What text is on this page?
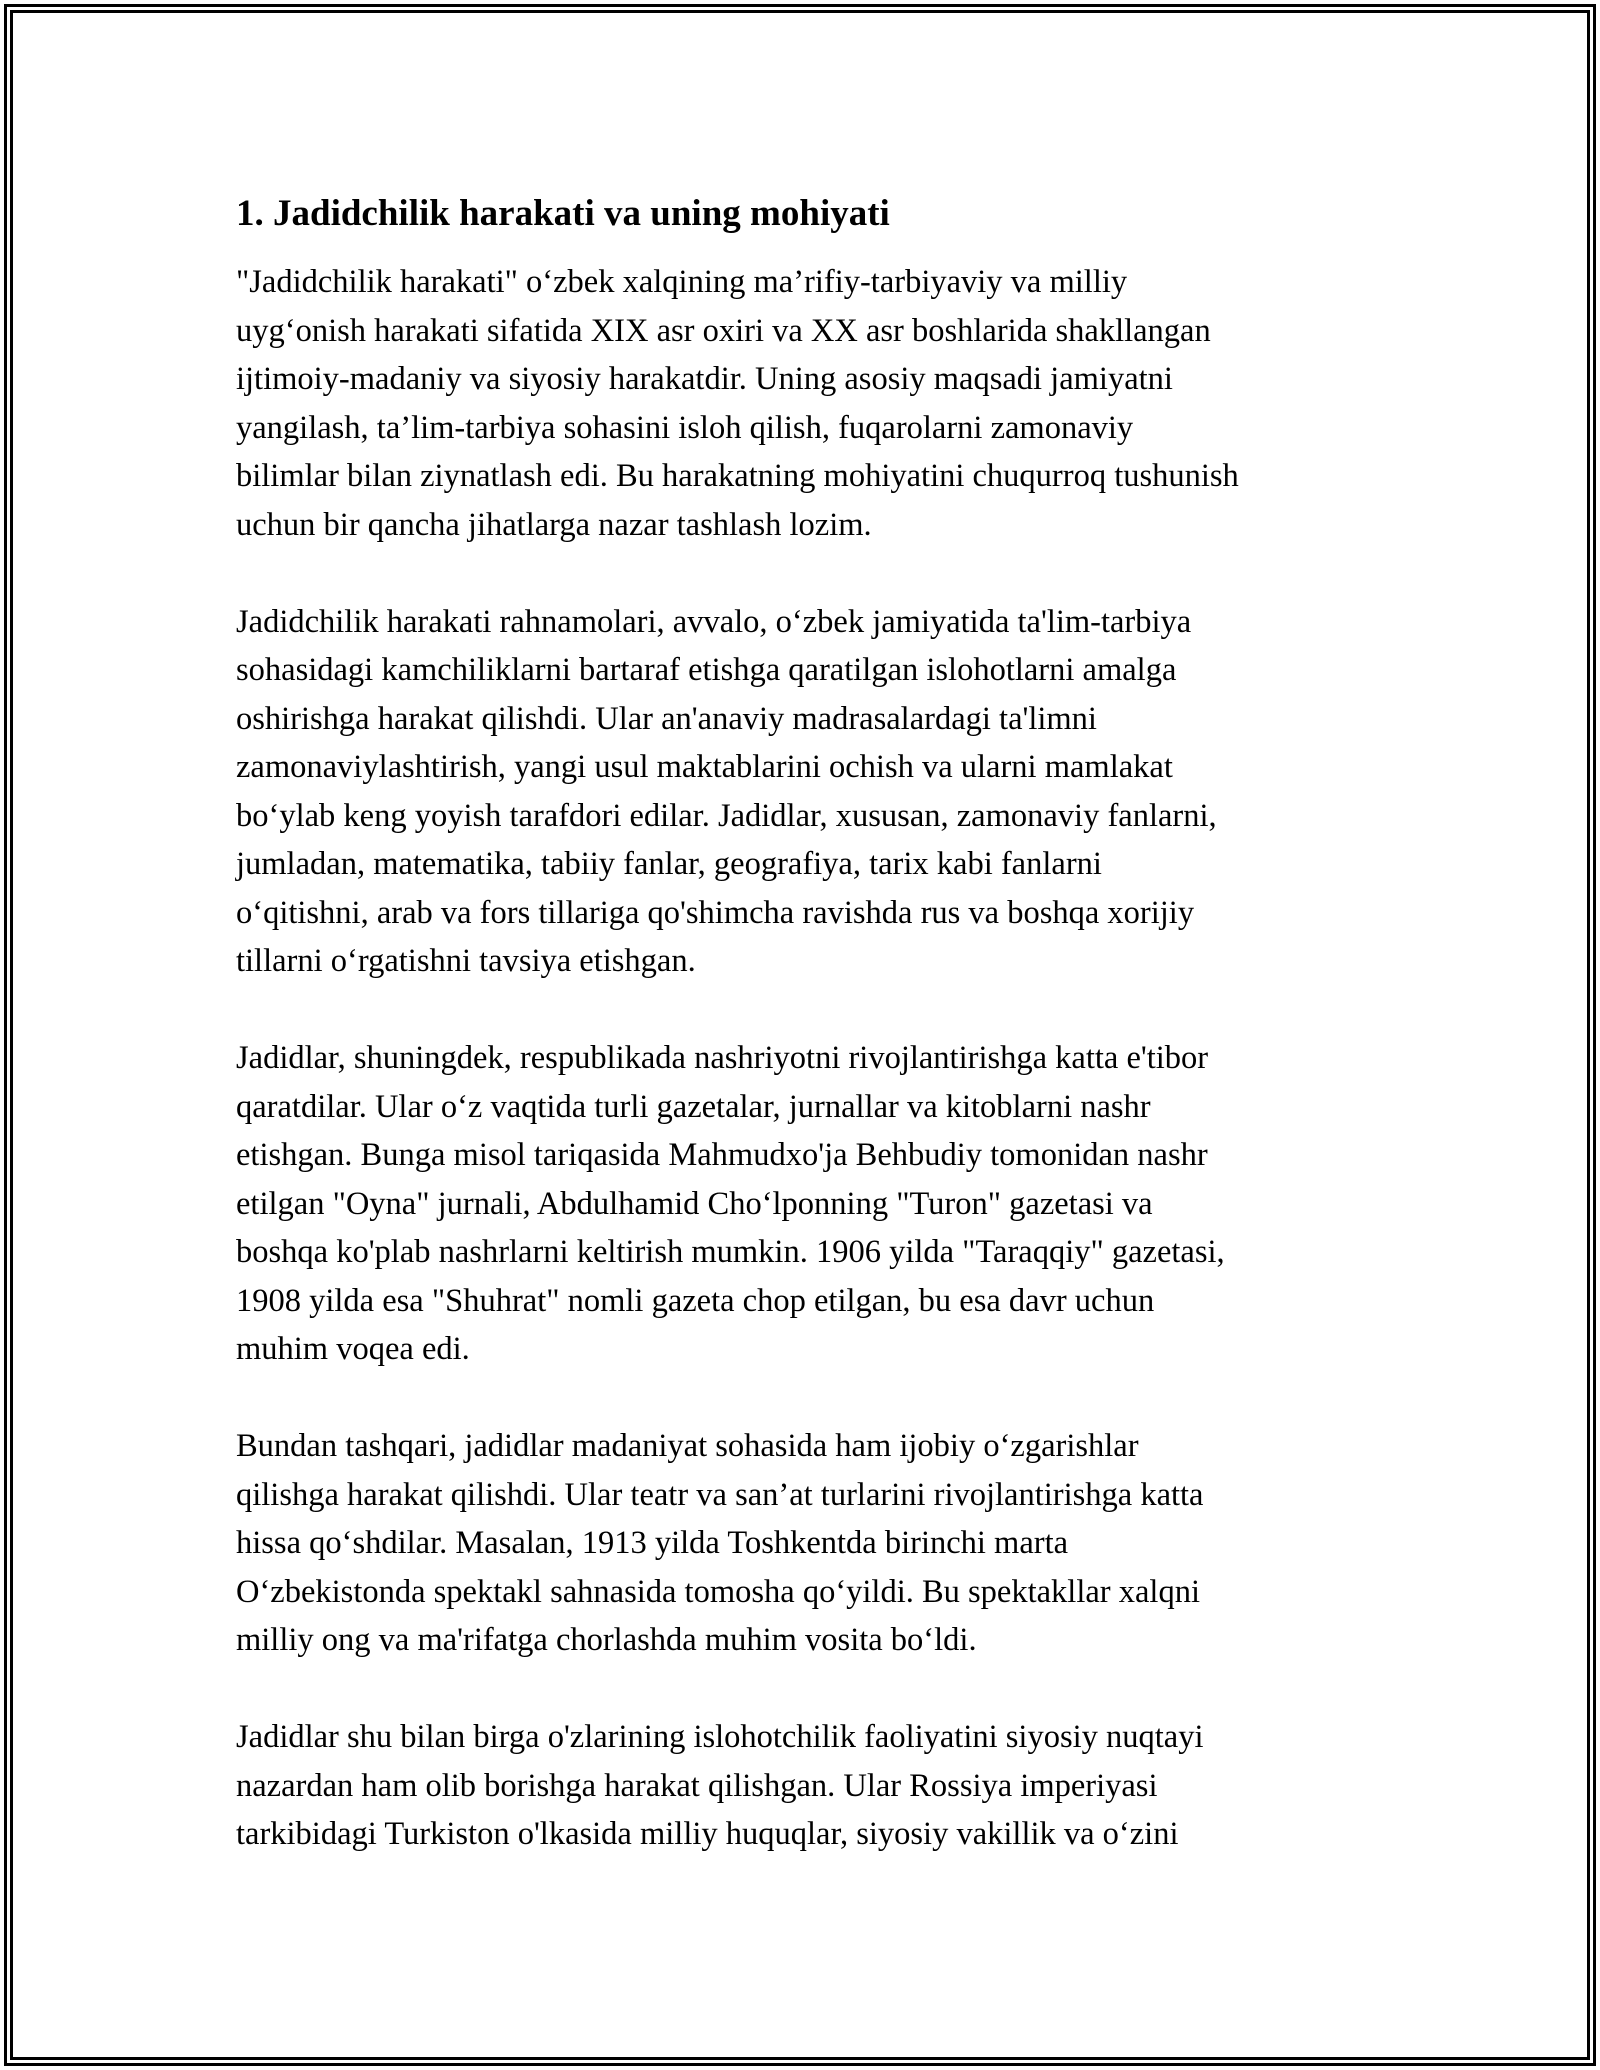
1. Jadidchilik harakati va uning mohiyati

"Jadidchilik harakati" o‘zbek xalqining ma’rifiy-tarbiyaviy va milliy
uyg‘onish harakati sifatida XIX asr oxiri va XX asr boshlarida shakllangan
ijtimoiy-madaniy va siyosiy harakatdir. Uning asosiy maqsadi jamiyatni
yangilash, ta’lim-tarbiya sohasini isloh qilish, fuqarolarni zamonaviy
bilimlar bilan ziynatlash edi. Bu harakatning mohiyatini chuqurroq tushunish
uchun bir qancha jihatlarga nazar tashlash lozim.

Jadidchilik harakati rahnamolari, avvalo, o‘zbek jamiyatida ta'lim-tarbiya
sohasidagi kamchiliklarni bartaraf etishga qaratilgan islohotlarni amalga
oshirishga harakat qilishdi. Ular an'anaviy madrasalardagi ta'limni
zamonaviylashtirish, yangi usul maktablarini ochish va ularni mamlakat
bo‘ylab keng yoyish tarafdori edilar. Jadidlar, xususan, zamonaviy fanlarni,
jumladan, matematika, tabiiy fanlar, geografiya, tarix kabi fanlarni
o‘qitishni, arab va fors tillariga qo'shimcha ravishda rus va boshqa xorijiy
tillarni o‘rgatishni tavsiya etishgan.

Jadidlar, shuningdek, respublikada nashriyotni rivojlantirishga katta e'tibor
qaratdilar. Ular o‘z vaqtida turli gazetalar, jurnallar va kitoblarni nashr
etishgan. Bunga misol tariqasida Mahmudxo'ja Behbudiy tomonidan nashr
etilgan "Oyna" jurnali, Abdulhamid Cho‘lponning "Turon" gazetasi va
boshqa ko'plab nashrlarni keltirish mumkin. 1906 yilda "Taraqqiy" gazetasi,
1908 yilda esa "Shuhrat" nomli gazeta chop etilgan, bu esa davr uchun
muhim voqea edi.

Bundan tashqari, jadidlar madaniyat sohasida ham ijobiy o‘zgarishlar
qilishga harakat qilishdi. Ular teatr va san’at turlarini rivojlantirishga katta
hissa qo‘shdilar. Masalan, 1913 yilda Toshkentda birinchi marta
O‘zbekistonda spektakl sahnasida tomosha qo‘yildi. Bu spektakllar xalqni
milliy ong va ma'rifatga chorlashda muhim vosita bo‘ldi.

Jadidlar shu bilan birga o'zlarining islohotchilik faoliyatini siyosiy nuqtayi
nazardan ham olib borishga harakat qilishgan. Ular Rossiya imperiyasi
tarkibidagi Turkiston o'lkasida milliy huquqlar, siyosiy vakillik va o‘zini
